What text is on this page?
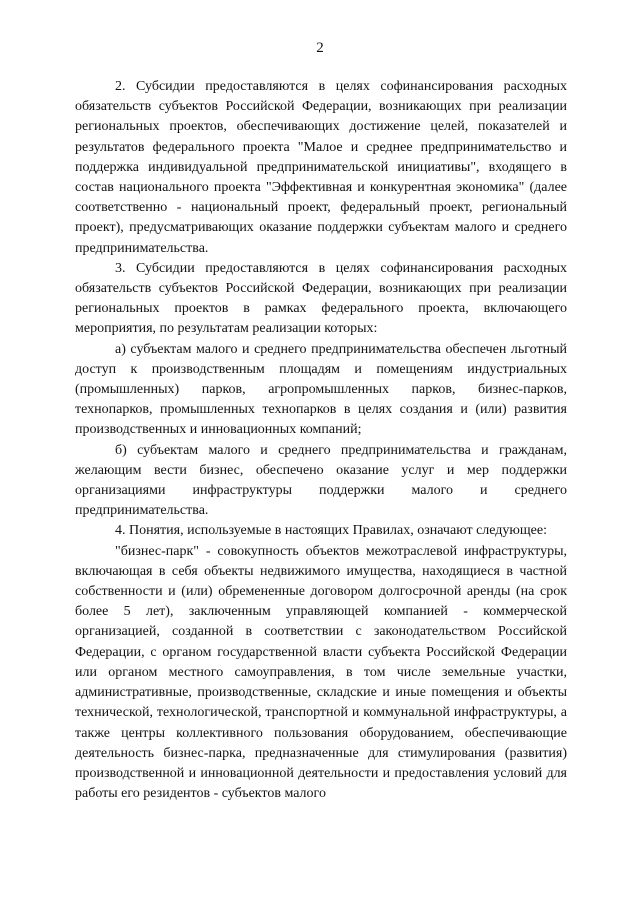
2

2. Субсидии предоставляются в целях софинансирования расходных обязательств субъектов Российской Федерации, возникающих при реализации региональных проектов, обеспечивающих достижение целей, показателей и результатов федерального проекта "Малое и среднее предпринимательство и поддержка индивидуальной предпринимательской инициативы", входящего в состав национального проекта "Эффективная и конкурентная экономика" (далее соответственно - национальный проект, федеральный проект, региональный проект), предусматривающих оказание поддержки субъектам малого и среднего предпринимательства.

3. Субсидии предоставляются в целях софинансирования расходных обязательств субъектов Российской Федерации, возникающих при реализации региональных проектов в рамках федерального проекта, включающего мероприятия, по результатам реализации которых:

а) субъектам малого и среднего предпринимательства обеспечен льготный доступ к производственным площадям и помещениям индустриальных (промышленных) парков, агропромышленных парков, бизнес-парков, технопарков, промышленных технопарков в целях создания и (или) развития производственных и инновационных компаний;

б) субъектам малого и среднего предпринимательства и гражданам, желающим вести бизнес, обеспечено оказание услуг и мер поддержки организациями инфраструктуры поддержки малого и среднего предпринимательства.

4. Понятия, используемые в настоящих Правилах, означают следующее:

"бизнес-парк" - совокупность объектов межотраслевой инфраструктуры, включающая в себя объекты недвижимого имущества, находящиеся в частной собственности и (или) обремененные договором долгосрочной аренды (на срок более 5 лет), заключенным управляющей компанией - коммерческой организацией, созданной в соответствии с законодательством Российской Федерации, с органом государственной власти субъекта Российской Федерации или органом местного самоуправления, в том числе земельные участки, административные, производственные, складские и иные помещения и объекты технической, технологической, транспортной и коммунальной инфраструктуры, а также центры коллективного пользования оборудованием, обеспечивающие деятельность бизнес-парка, предназначенные для стимулирования (развития) производственной и инновационной деятельности и предоставления условий для работы его резидентов - субъектов малого
